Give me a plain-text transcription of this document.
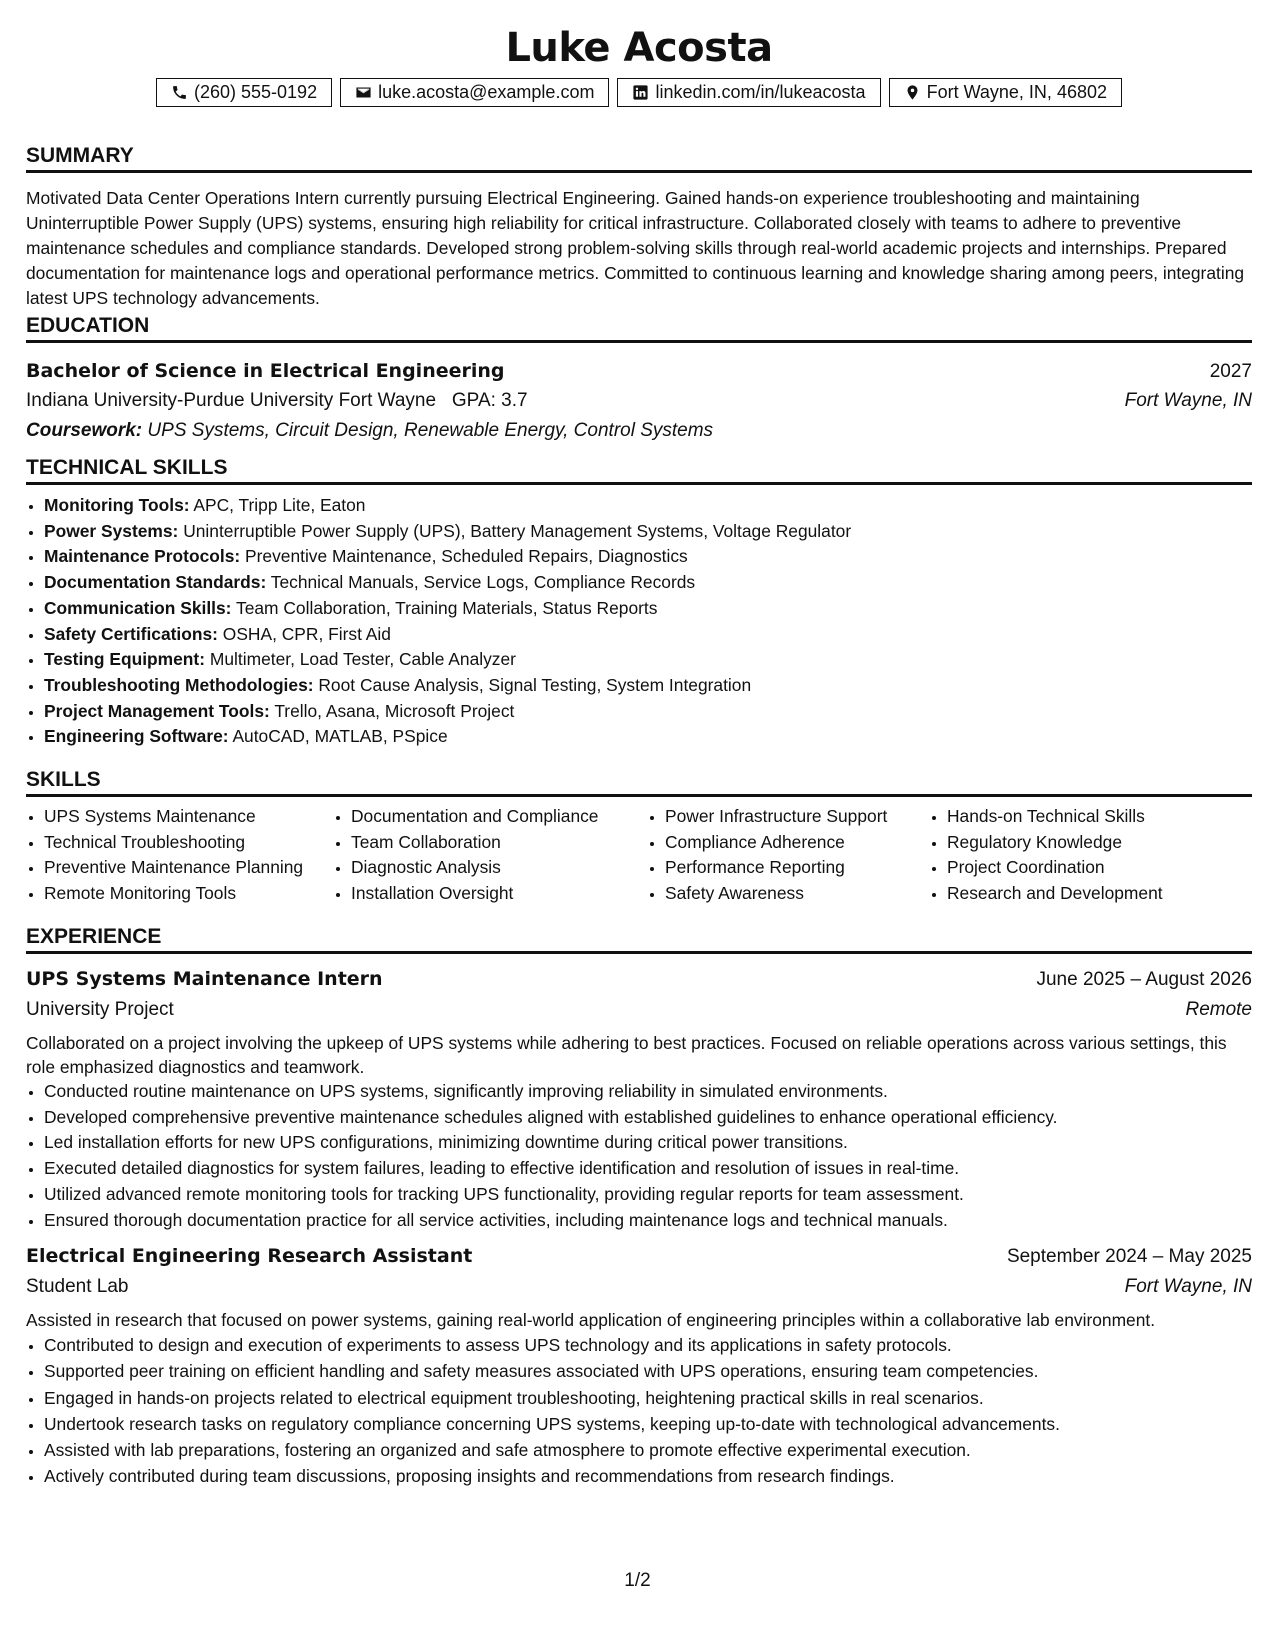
Luke Acosta
(260) 555-0192	luke.acosta@example.com	linkedin.com/in/lukeacosta	Fort Wayne, IN, 46802
SUMMARY

Motivated Data Center Operations Intern currently pursuing Electrical Engineering. Gained hands-on experience troubleshooting and maintaining Uninterruptible Power Supply (UPS) systems, ensuring high reliability for critical infrastructure. Collaborated closely with teams to adhere to preventive maintenance schedules and compliance standards. Developed strong problem-solving skills through real-world academic projects and internships. Prepared documentation for maintenance logs and operational performance metrics. Committed to continuous learning and knowledge sharing among peers, integrating latest UPS technology advancements.

EDUCATION
Bachelor of Science in Electrical Engineering	2027
Indiana University-Purdue University Fort Wayne GPA: 3.7	Fort Wayne, IN
Coursework: UPS Systems, Circuit Design, Renewable Energy, Control Systems
TECHNICAL SKILLS
• Monitoring Tools: APC, Tripp Lite, Eaton
• Power Systems: Uninterruptible Power Supply (UPS), Battery Management Systems, Voltage Regulator
• Maintenance Protocols: Preventive Maintenance, Scheduled Repairs, Diagnostics
• Documentation Standards: Technical Manuals, Service Logs, Compliance Records
• Communication Skills: Team Collaboration, Training Materials, Status Reports
• Safety Certifications: OSHA, CPR, First Aid
• Testing Equipment: Multimeter, Load Tester, Cable Analyzer
• Troubleshooting Methodologies: Root Cause Analysis, Signal Testing, System Integration
• Project Management Tools: Trello, Asana, Microsoft Project
• Engineering Software: AutoCAD, MATLAB, PSpice
SKILLS
• UPS Systems Maintenance
• Technical Troubleshooting
• Preventive Maintenance Planning
• Remote Monitoring Tools
• Documentation and Compliance
• Team Collaboration
• Diagnostic Analysis
• Installation Oversight
• Power Infrastructure Support
• Compliance Adherence
• Performance Reporting
• Safety Awareness
• Hands-on Technical Skills
• Regulatory Knowledge
• Project Coordination
• Research and Development
EXPERIENCE
UPS Systems Maintenance Intern	June 2025 – August 2026
University Project	Remote

Collaborated on a project involving the upkeep of UPS systems while adhering to best practices. Focused on reliable operations across various settings, this role emphasized diagnostics and teamwork.

• Conducted routine maintenance on UPS systems, significantly improving reliability in simulated environments.
• Developed comprehensive preventive maintenance schedules aligned with established guidelines to enhance operational efficiency.
• Led installation efforts for new UPS configurations, minimizing downtime during critical power transitions.
• Executed detailed diagnostics for system failures, leading to effective identification and resolution of issues in real-time.
• Utilized advanced remote monitoring tools for tracking UPS functionality, providing regular reports for team assessment.
• Ensured thorough documentation practice for all service activities, including maintenance logs and technical manuals.
Electrical Engineering Research Assistant	September 2024 – May 2025
Student Lab	Fort Wayne, IN

Assisted in research that focused on power systems, gaining real-world application of engineering principles within a collaborative lab environment.

• Contributed to design and execution of experiments to assess UPS technology and its applications in safety protocols.
• Supported peer training on efficient handling and safety measures associated with UPS operations, ensuring team competencies.
• Engaged in hands-on projects related to electrical equipment troubleshooting, heightening practical skills in real scenarios.
• Undertook research tasks on regulatory compliance concerning UPS systems, keeping up-to-date with technological advancements.
• Assisted with lab preparations, fostering an organized and safe atmosphere to promote effective experimental execution.
• Actively contributed during team discussions, proposing insights and recommendations from research findings.
1/2
